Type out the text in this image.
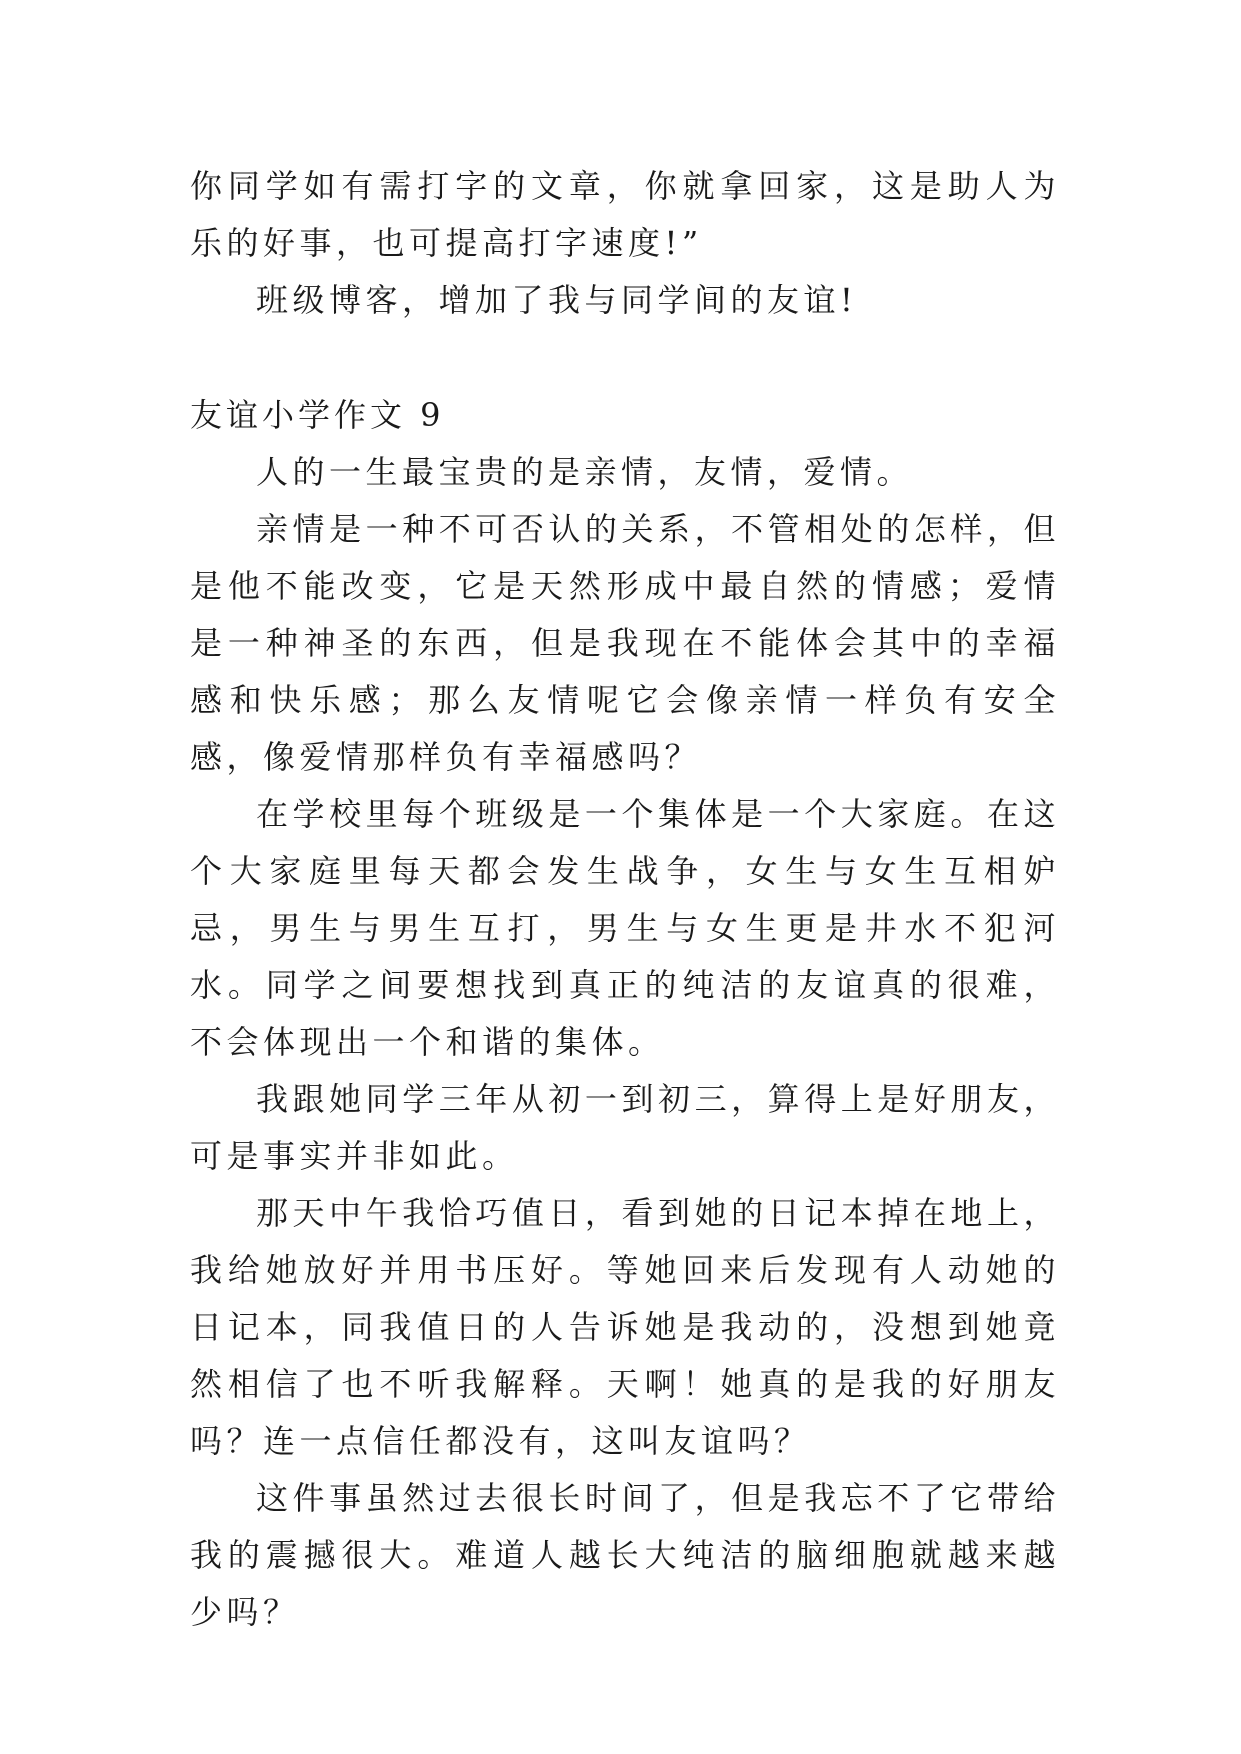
你同学如有需打字的文章，你就拿回家，这是助人为乐的好事，也可提高打字速度!”

班级博客，增加了我与同学间的友谊!

友谊小学作文 9

人的一生最宝贵的是亲情，友情，爱情。

亲情是一种不可否认的关系，不管相处的怎样，但是他不能改变，它是天然形成中最自然的情感；爱情是一种神圣的东西，但是我现在不能体会其中的幸福感和快乐感；那么友情呢它会像亲情一样负有安全感，像爱情那样负有幸福感吗？

在学校里每个班级是一个集体是一个大家庭。在这个大家庭里每天都会发生战争，女生与女生互相妒忌，男生与男生互打，男生与女生更是井水不犯河水。同学之间要想找到真正的纯洁的友谊真的很难，不会体现出一个和谐的集体。

我跟她同学三年从初一到初三，算得上是好朋友，可是事实并非如此。

那天中午我恰巧值日，看到她的日记本掉在地上，我给她放好并用书压好。等她回来后发现有人动她的日记本，同我值日的人告诉她是我动的，没想到她竟然相信了也不听我解释。天啊！她真的是我的好朋友吗？连一点信任都没有，这叫友谊吗？

这件事虽然过去很长时间了，但是我忘不了它带给我的震撼很大。难道人越长大纯洁的脑细胞就越来越少吗？
